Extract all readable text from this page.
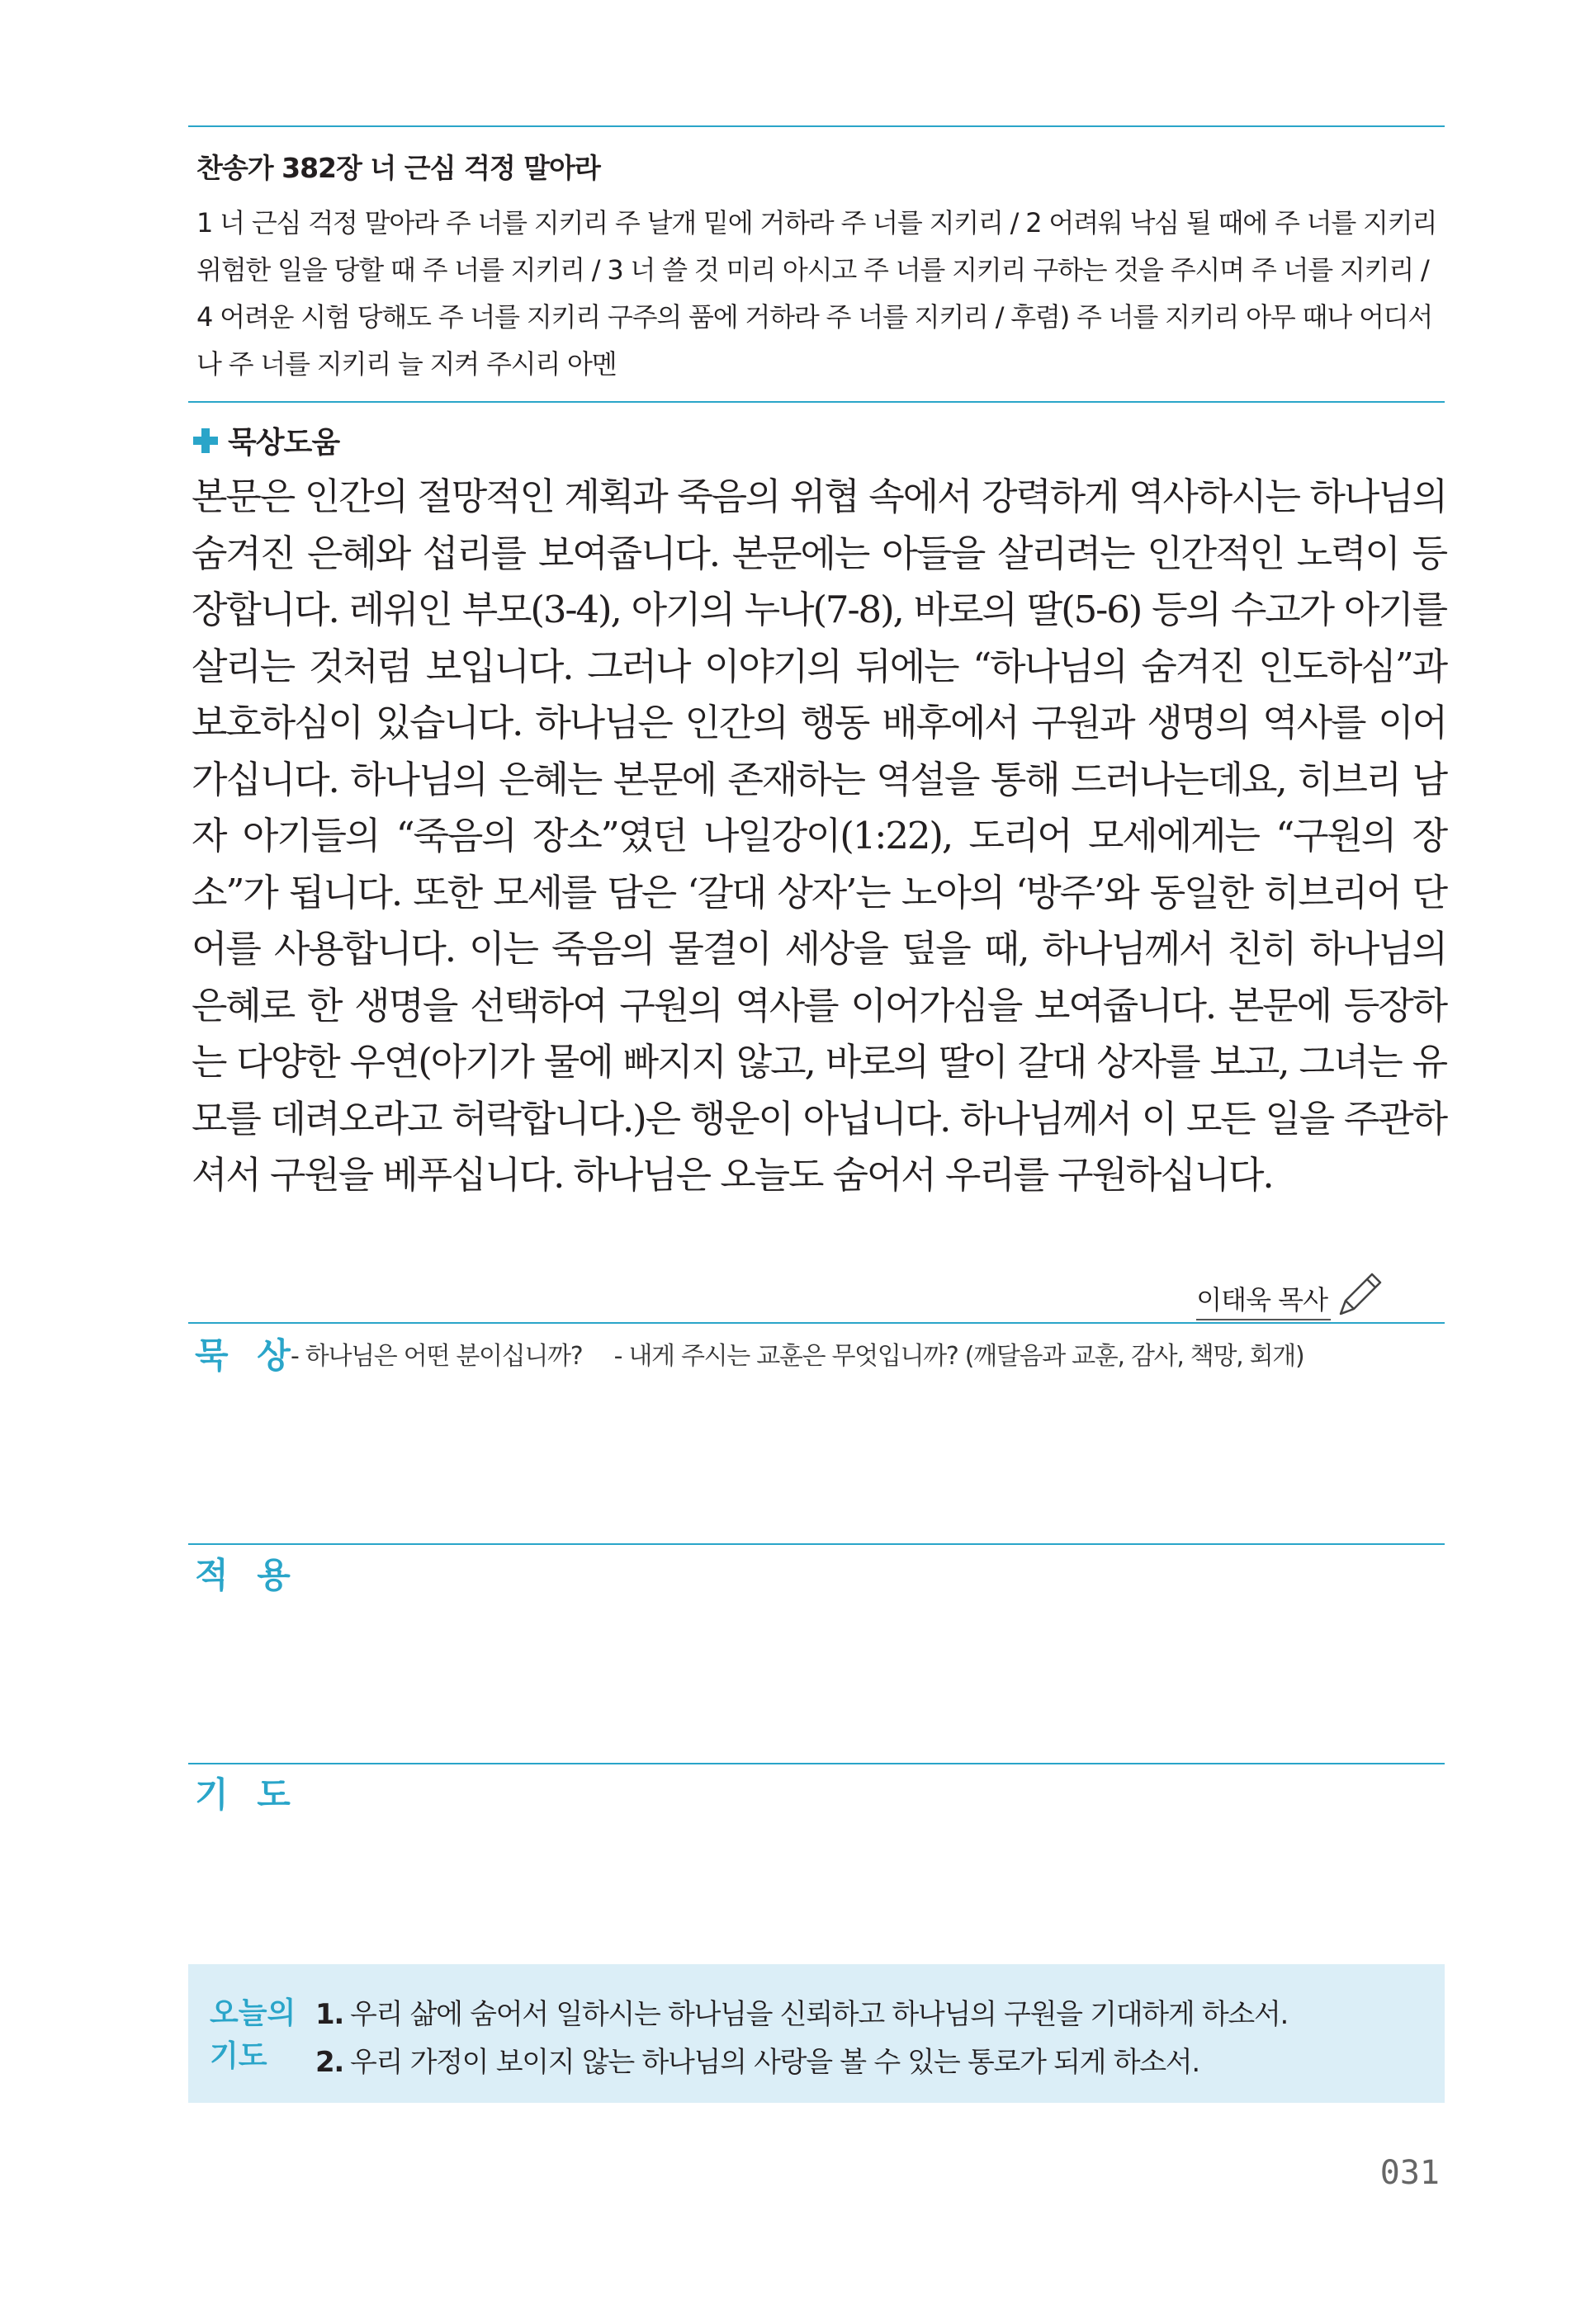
찬송가 382장 너 근심 걱정 말아라
1 너 근심 걱정 말아라 주 너를 지키리 주 날개 밑에 거하라 주 너를 지키리 / 2 어려워 낙심 될 때에 주 너를 지키리 위험한 일을 당할 때 주 너를 지키리 / 3 너 쓸 것 미리 아시고 주 너를 지키리 구하는 것을 주시며 주 너를 지키리 / 4 어려운 시험 당해도 주 너를 지키리 구주의 품에 거하라 주 너를 지키리 / 후렴) 주 너를 지키리 아무 때나 어디서나 주 너를 지키리 늘 지켜 주시리 아멘
묵상도움
본문은 인간의 절망적인 계획과 죽음의 위협 속에서 강력하게 역사하시는 하나님의 숨겨진 은혜와 섭리를 보여줍니다. 본문에는 아들을 살리려는 인간적인 노력이 등장합니다. 레위인 부모(3-4), 아기의 누나(7-8), 바로의 딸(5-6) 등의 수고가 아기를 살리는 것처럼 보입니다. 그러나 이야기의 뒤에는 “하나님의 숨겨진 인도하심”과 보호하심이 있습니다. 하나님은 인간의 행동 배후에서 구원과 생명의 역사를 이어 가십니다. 하나님의 은혜는 본문에 존재하는 역설을 통해 드러나는데요, 히브리 남자 아기들의 “죽음의 장소”였던 나일강이(1:22), 도리어 모세에게는 “구원의 장소”가 됩니다. 또한 모세를 담은 ‘갈대 상자’는 노아의 ‘방주’와 동일한 히브리어 단어를 사용합니다. 이는 죽음의 물결이 세상을 덮을 때, 하나님께서 친히 하나님의 은혜로 한 생명을 선택하여 구원의 역사를 이어가심을 보여줍니다. 본문에 등장하는 다양한 우연(아기가 물에 빠지지 않고, 바로의 딸이 갈대 상자를 보고, 그녀는 유모를 데려오라고 허락합니다.)은 행운이 아닙니다. 하나님께서 이 모든 일을 주관하셔서 구원을 베푸십니다. 하나님은 오늘도 숨어서 우리를 구원하십니다.
이태욱 목사
묵 상
- 하나님은 어떤 분이십니까? - 내게 주시는 교훈은 무엇입니까? (깨달음과 교훈, 감사, 책망, 회개)
적 용
기 도
오늘의
기도
1. 우리 삶에 숨어서 일하시는 하나님을 신뢰하고 하나님의 구원을 기대하게 하소서.
2. 우리 가정이 보이지 않는 하나님의 사랑을 볼 수 있는 통로가 되게 하소서.
031
